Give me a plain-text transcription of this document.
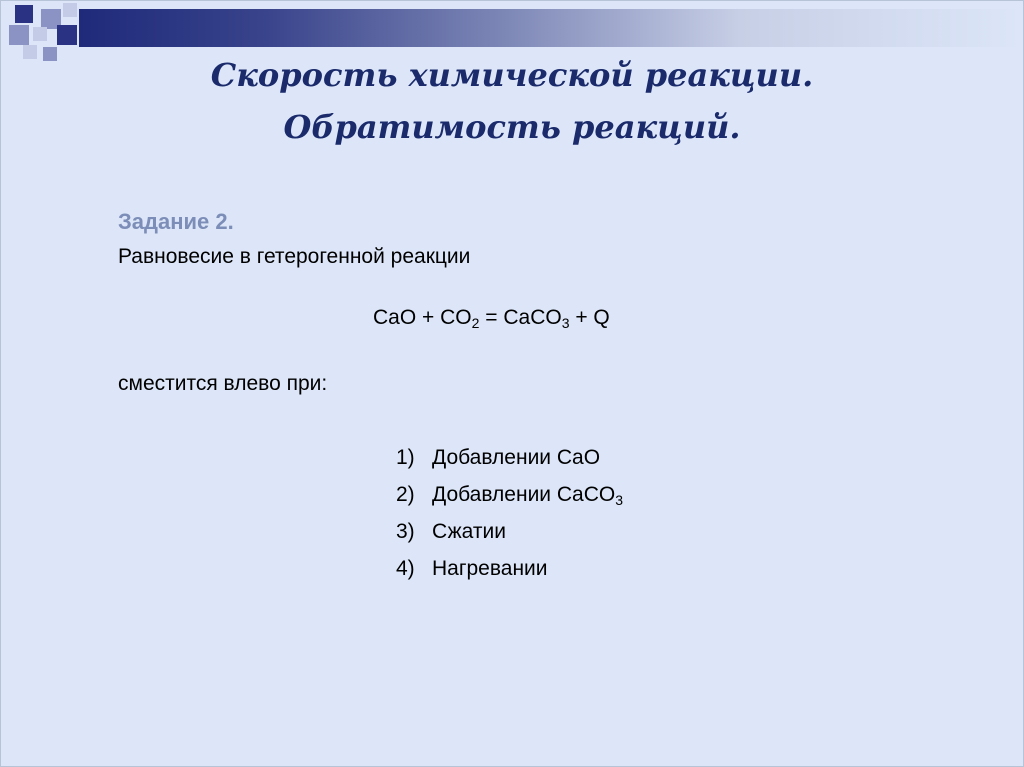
Скорость химической реакции.
Обратимость реакций.
Задание 2.
Равновесие в гетерогенной реакции
CaO + $CO_2$ = CaCO$_3$ + Q
сместится влево при:
1) Добавлении CaO
2) Добавлении CaCO$_3$
3) Сжатии
4) Нагревании
